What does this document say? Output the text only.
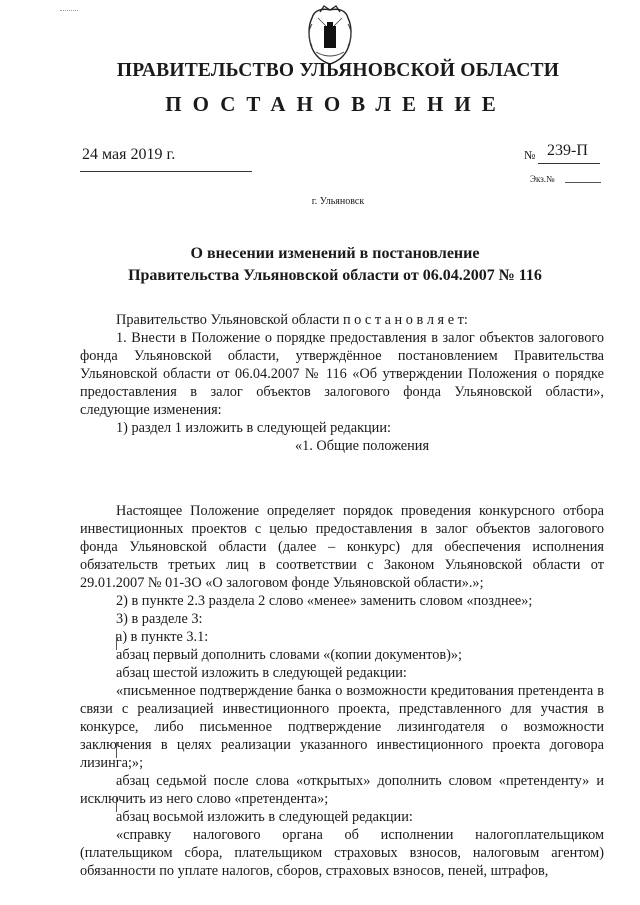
ПРАВИТЕЛЬСТВО УЛЬЯНОВСКОЙ ОБЛАСТИ
ПОСТАНОВЛЕНИЕ
24 мая 2019 г.	№ 239-П
Экз.№
г. Ульяновск
О внесении изменений в постановление
Правительства Ульяновской области от 06.04.2007 № 116

Правительство Ульяновской области п о с т а н о в л я е т:

1. Внести в Положение о порядке предоставления в залог объектов залогового фонда Ульяновской области, утверждённое постановлением Правительства Ульяновской области от 06.04.2007 № 116 «Об утверждении Положения о порядке предоставления в залог объектов залогового фонда Ульяновской области», следующие изменения:

1) раздел 1 изложить в следующей редакции:

«1. Общие положения

Настоящее Положение определяет порядок проведения конкурсного отбора инвестиционных проектов с целью предоставления в залог объектов залогового фонда Ульяновской области (далее – конкурс) для обеспечения исполнения обязательств третьих лиц в соответствии с Законом Ульяновской области от 29.01.2007 № 01-ЗО «О залоговом фонде Ульяновской области».»;

2) в пункте 2.3 раздела 2 слово «менее» заменить словом «позднее»;

3) в разделе 3:

а) в пункте 3.1:

абзац первый дополнить словами «(копии документов)»;

абзац шестой изложить в следующей редакции:

«письменное подтверждение банка о возможности кредитования претендента в связи с реализацией инвестиционного проекта, представленного для участия в конкурсе, либо письменное подтверждение лизингодателя о возможности заключения в целях реализации указанного инвестиционного проекта договора лизинга;»;

абзац седьмой после слова «открытых» дополнить словом «претенденту» и исключить из него слово «претендента»;

абзац восьмой изложить в следующей редакции:

«справку налогового органа об исполнении налогоплательщиком (плательщиком сбора, плательщиком страховых взносов, налоговым агентом) обязанности по уплате налогов, сборов, страховых взносов, пеней, штрафов,
